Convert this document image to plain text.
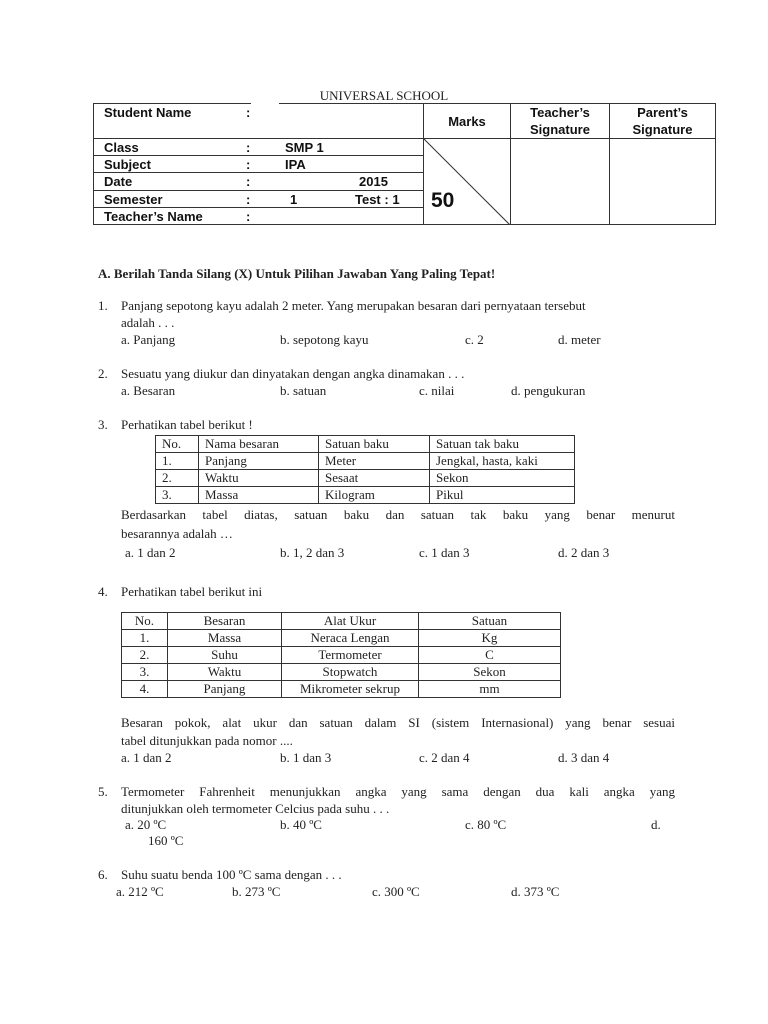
UNIVERSAL SCHOOL
Student Name	:
Class	:	SMP 1
Subject	:	IPA
Date	:	2015
Semester	:	1	Test : 1
Teacher’s Name	:
Marks
Teacher’s Signature
Parent’s Signature
50
A. Berilah Tanda Silang (X) Untuk Pilihan Jawaban Yang Paling Tepat!
1. Panjang sepotong kayu adalah 2 meter. Yang merupakan besaran dari pernyataan tersebut
adalah . . .
a. Panjang	b. sepotong kayu	c. 2	d. meter
2. Sesuatu yang diukur dan dinyatakan dengan angka dinamakan . . .
a. Besaran	b. satuan	c. nilai	d. pengukuran
3. Perhatikan tabel berikut !
No.	Nama besaran	Satuan baku	Satuan tak baku
1.	Panjang	Meter	Jengkal, hasta, kaki
2.	Waktu	Sesaat	Sekon
3.	Massa	Kilogram	Pikul
Berdasarkan tabel diatas, satuan baku dan satuan tak baku yang benar menurut
besarannya adalah …
a. 1 dan 2	b. 1, 2 dan 3	c. 1 dan 3	d. 2 dan 3
4. Perhatikan tabel berikut ini
No.	Besaran	Alat Ukur	Satuan
1.	Massa	Neraca Lengan	Kg
2.	Suhu	Termometer	C
3.	Waktu	Stopwatch	Sekon
4.	Panjang	Mikrometer sekrup	mm
Besaran pokok, alat ukur dan satuan dalam SI (sistem Internasional) yang benar sesuai
tabel ditunjukkan pada nomor ....
a. 1 dan 2	b. 1 dan 3	c. 2 dan 4	d. 3 dan 4
5. Termometer Fahrenheit menunjukkan angka yang sama dengan dua kali angka yang
ditunjukkan oleh termometer Celcius pada suhu . . .
a. 20 ºC	b. 40 ºC	c. 80 ºC	d.
160 ºC
6. Suhu suatu benda 100 ºC sama dengan . . .
a. 212 ºC	b. 273 ºC	c. 300 ºC	d. 373 ºC
